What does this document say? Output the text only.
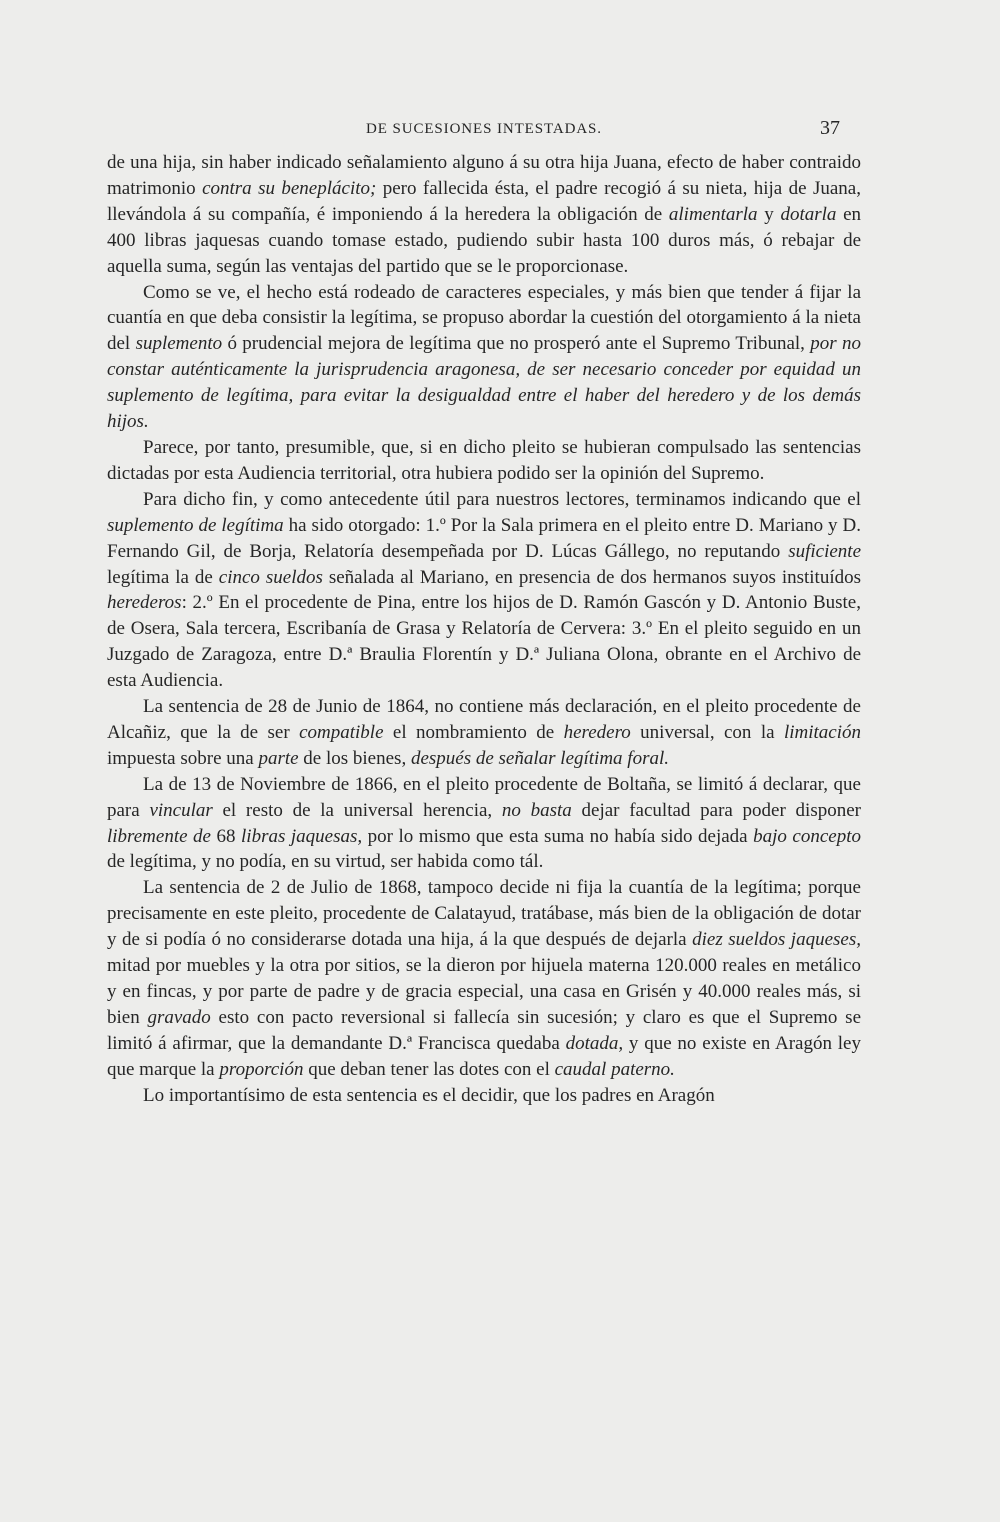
DE SUCESIONES INTESTADAS.	37

de una hija, sin haber indicado señalamiento alguno á su otra hija Juana, efecto de haber contraido matrimonio contra su beneplácito; pero fallecida ésta, el padre recogió á su nieta, hija de Juana, llevándola á su compañía, é imponiendo á la heredera la obligación de alimentarla y dotarla en 400 libras jaquesas cuando tomase estado, pudiendo subir hasta 100 duros más, ó rebajar de aquella suma, según las ventajas del partido que se le proporcionase.

Como se ve, el hecho está rodeado de caracteres especiales, y más bien que tender á fijar la cuantía en que deba consistir la legítima, se propuso abordar la cuestión del otorgamiento á la nieta del suplemento ó prudencial mejora de legítima que no prosperó ante el Supremo Tribunal, por no constar auténticamente la jurisprudencia aragonesa, de ser necesario conceder por equidad un suplemento de legítima, para evitar la desigualdad entre el haber del heredero y de los demás hijos.

Parece, por tanto, presumible, que, si en dicho pleito se hubieran compulsado las sentencias dictadas por esta Audiencia territorial, otra hubiera podido ser la opinión del Supremo.

Para dicho fin, y como antecedente útil para nuestros lectores, terminamos indicando que el suplemento de legítima ha sido otorgado: 1.º Por la Sala primera en el pleito entre D. Mariano y D. Fernando Gil, de Borja, Relatoría desempeñada por D. Lúcas Gállego, no reputando suficiente legítima la de cinco sueldos señalada al Mariano, en presencia de dos hermanos suyos instituídos herederos: 2.º En el procedente de Pina, entre los hijos de D. Ramón Gascón y D. Antonio Buste, de Osera, Sala tercera, Escribanía de Grasa y Relatoría de Cervera: 3.º En el pleito seguido en un Juzgado de Zaragoza, entre D.ª Braulia Florentín y D.ª Juliana Olona, obrante en el Archivo de esta Audiencia.

La sentencia de 28 de Junio de 1864, no contiene más declaración, en el pleito procedente de Alcañiz, que la de ser compatible el nombramiento de heredero universal, con la limitación impuesta sobre una parte de los bienes, después de señalar legítima foral.

La de 13 de Noviembre de 1866, en el pleito procedente de Boltaña, se limitó á declarar, que para vincular el resto de la universal herencia, no basta dejar facultad para poder disponer libremente de 68 libras jaquesas, por lo mismo que esta suma no había sido dejada bajo concepto de legítima, y no podía, en su virtud, ser habida como tál.

La sentencia de 2 de Julio de 1868, tampoco decide ni fija la cuantía de la legítima; porque precisamente en este pleito, procedente de Calatayud, tratábase, más bien de la obligación de dotar y de si podía ó no considerarse dotada una hija, á la que después de dejarla diez sueldos jaqueses, mitad por muebles y la otra por sitios, se la dieron por hijuela materna 120.000 reales en metálico y en fincas, y por parte de padre y de gracia especial, una casa en Grisén y 40.000 reales más, si bien gravado esto con pacto reversional si fallecía sin sucesión; y claro es que el Supremo se limitó á afirmar, que la demandante D.ª Francisca quedaba dotada, y que no existe en Aragón ley que marque la proporción que deban tener las dotes con el caudal paterno.

Lo importantísimo de esta sentencia es el decidir, que los padres en Aragón
